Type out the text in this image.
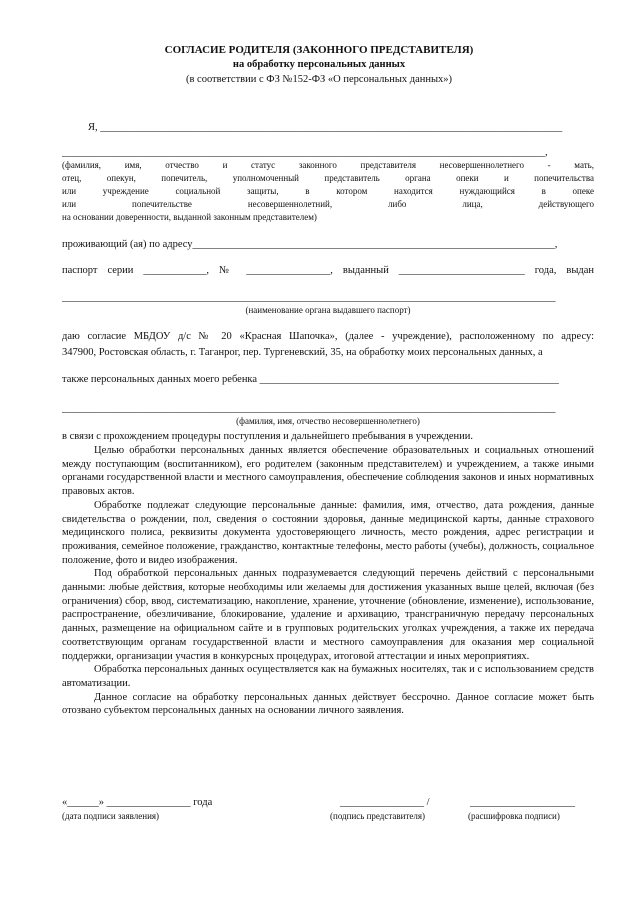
СОГЛАСИЕ РОДИТЕЛЯ (ЗАКОННОГО ПРЕДСТАВИТЕЛЯ)
на обработку персональных данных
(в соответствии с ФЗ №152-ФЗ «О персональных данных»)
Я, ________________________________________________________________________________________
____________________________________________________________________________________________,
(фамилия, имя, отчество и статус законного представителя несовершеннолетнего - мать,
отец, опекун, попечитель, уполномоченный представитель органа опеки и попечительства
или учреждение социальной защиты, в котором находится нуждающийся в опеке
или попечительстве несовершеннолетний, либо лица, действующего
на основании доверенности, выданной законным представителем)
проживающий (ая) по адресу_____________________________________________________________________,
паспорт серии ____________, № ________________, выданный ________________________ года, выдан
______________________________________________________________________________________________
(наименование органа выдавшего паспорт)
даю согласие МБДОУ д/с № 20 «Красная Шапочка», (далее - учреждение), расположенному по адресу:
347900, Ростовская область, г. Таганрог, пер. Тургеневский, 35, на обработку моих персональных данных, а
также персональных данных моего ребенка _________________________________________________________
______________________________________________________________________________________________
(фамилия, имя, отчество несовершеннолетнего)
в связи с прохождением процедуры поступления и дальнейшего пребывания в учреждении.

Целью обработки персональных данных является обеспечение образовательных и социальных отношений между поступающим (воспитанником), его родителем (законным представителем) и учреждением, а также иными органами государственной власти и местного самоуправления, обеспечение соблюдения законов и иных нормативных правовых актов.

Обработке подлежат следующие персональные данные: фамилия, имя, отчество, дата рождения, данные свидетельства о рождении, пол, сведения о состоянии здоровья, данные медицинской карты, данные страхового медицинского полиса, реквизиты документа удостоверяющего личность, место рождения, адрес регистрации и проживания, семейное положение, гражданство, контактные телефоны, место работы (учебы), должность, социальное положение, фото и видео изображения.

Под обработкой персональных данных подразумевается следующий перечень действий с персональными данными: любые действия, которые необходимы или желаемы для достижения указанных выше целей, включая (без ограничения) сбор, ввод, систематизацию, накопление, хранение, уточнение (обновление, изменение), использование, распространение, обезличивание, блокирование, удаление и архивацию, трансграничную передачу персональных данных, размещение на официальном сайте и в групповых родительских уголках учреждения, а также их передача соответствующим органам государственной власти и местного самоуправления для оказания мер социальной поддержки, организации участия в конкурсных процедурах, итоговой аттестации и иных мероприятиях.

Обработка персональных данных осуществляется как на бумажных носителях, так и с использованием средств автоматизации.

Данное согласие на обработку персональных данных действует бессрочно. Данное согласие может быть отозвано субъектом персональных данных на основании личного заявления.

«______» ________________ года	________________ /	____________________
(дата подписи заявления)	(подпись представителя)	(расшифровка подписи)
